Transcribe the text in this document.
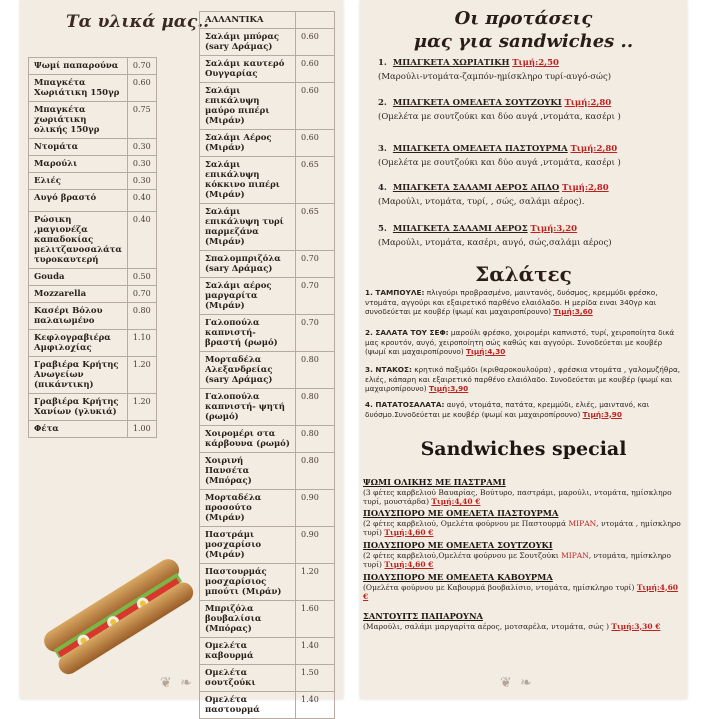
Τα υλικά μας..
Ψωμί παπαρούνα	0.70
Μπαγκέτα Χωριάτικη 150γρ	0.60
Μπαγκέτα χωριάτικη ολικής 150γρ	0.75
Ντομάτα	0.30
Μαρούλι	0.30
Ελιές	0.30
Αυγό βραστό	0.40
Ρώσικη ,μαγιονέζα καπαδοκίας μελιτζανοσαλάτα τυροκαυτερή	0.40
Gouda	0.50
Mozzarella	0.70
Κασέρι Βόλου παλαιωμένο	0.80
Κεφλογραβιέρα Αμφιλοχίας	1.10
Γραβιέρα Κρήτης Ανωγείων (πικάντικη)	1.20
Γραβιέρα Κρήτης Χανίων (γλυκιά)	1.20
Φέτα	1.00
ΑΛΛΑΝΤΙΚΑ	
Σαλάμι μπύρας (sary Δράμας)	0.60
Σαλάμι καυτερό Ουγγαρίας	0.60
Σαλάμι επικάλυψη μαύρο πιπέρι (Μιράν)	0.60
Σαλάμι Αέρος (Μιράν)	0.60
Σαλάμι επικάλυψη κόκκινο πιπέρι (Μιράν)	0.65
Σαλάμι επικάλυψη τυρί παρμεζάνα (Μιράν)	0.65
Σπαλομπριζόλα (sary Δράμας)	0.70
Σαλάμι αέρος μαργαρίτα (Μιράν)	0.70
Γαλοπούλα καπνιστή-βραστή (ρωμό)	0.70
Μορταδέλα Αλεξανδρείας (sary Δράμας)	0.80
Γαλοπούλα καπνιστή- ψητή (ρωμό)	0.80
Χοιρομέρι στα κάρβουνα (ρωμό)	0.80
Χοιρινή Πανσέτα (Μπόρας)	0.80
Μορταδέλα προσούτο (Μιράν)	0.90
Παστράμι μοσχαρίσιο (Μιράν)	0.90
Παστουρμάς μοσχαρίσιος μπούτι (Μιράν)	1.20
Μπριζόλα βουβαλίσια (Μπόρας)	1.60
Ομελέτα καβουρμά	1.40
Ομελέτα σουτζούκι	1.50
Ομελέτα παστουρμά	1.40
❦ ❧
Οι προτάσεις
μας για sandwiches ..
1. ΜΠΑΓΚΕΤΑ ΧΩΡΙΑΤΙΚΗ Τιμή:2,50
(Μαρούλι-ντομάτα-ζαμπόν-ημίσκληρο τυρί-αυγό-σώς)
2. ΜΠΑΓΚΕΤΑ ΟΜΕΛΕΤΑ ΣΟΥΤΖΟΥΚΙ Τιμή:2,80
(Ομελέτα με σουτζούκι και δύο αυγά ,ντομάτα, κασέρι )
3. ΜΠΑΓΚΕΤΑ ΟΜΕΛΕΤΑ ΠΑΣΤΟΥΡΜΑ Τιμή:2,80
(Ομελέτα με σουτζούκι και δύο αυγά ,ντομάτα, κασέρι )
4. ΜΠΑΓΚΕΤΑ ΣΑΛΑΜΙ ΑΕΡΟΣ ΑΠΛΟ Τιμή:2,80
(Μαρούλι, ντομάτα, τυρί, , σώς, σαλάμι αέρος).
5. ΜΠΑΓΚΕΤΑ ΣΑΛΑΜΙ ΑΕΡΟΣ Τιμή:3,20
(Μαρούλι, ντομάτα, κασέρι, αυγό, σώς,σαλάμι αέρος)
Σαλάτες
1. ΤΑΜΠΟΥΛΕ: πλιγούρι προβρασμένο, μαιντανός, δυόσμος, κρεμμύδι φρέσκο, ντομάτα, αγγούρι και εξαιρετικό παρθένο ελαιόλαδο. Η μερίδα ειναι 340γρ και συνοδεύεται με κουβέρ (ψωμί και μαχαιροπίρουνο) Τιμή:3,60
2. ΣΑΛΑΤΑ ΤΟΥ ΣΕΦ: μαρούλι φρέσκο, χοιρομέρι καπνιστό, τυρί, χειροποίητα δικά μας κρουτόν, αυγό, χειροποίητη σώς καθώς και αγγούρι. Συνοδεύεται με κουβέρ (ψωμί και μαχαιροπίρουνο) Τιμή:4,30
3. ΝΤΑΚΟΣ: κρητικό παξιμάδι (κριθαροκουλούρα) , φρέσκια ντομάτα , γαλομυζήθρα, ελιές, κάπαρη και εξαιρετικό παρθένο ελαιόλαδο. Συνοδεύεται με κουβέρ (ψωμί και μαχαιροπίρουνο) Τιμή:3,90
4. ΠΑΤΑΤΟΣΑΛΑΤΑ: αυγό, ντομάτα, πατάτα, κρεμμύδι, ελιές, μαιντανό, και δυόσμο.Συνοδεύεται με κουβέρ (ψωμί και μαχαιροπίρουνο) Τιμή:3,90
Sandwiches special
ΨΩΜΙ ΟΛΙΚΗΣ ΜΕ ΠΑΣΤΡΑΜΙ
(3 φέτες καρβελιού Βαυαρίας, Βούτυρο, παστράμι, μαρούλι, ντομάτα, ημίσκληρο τυρί, μουστάρδα) Τιμή:4,40 €
ΠΟΛΥΣΠΟΡΟ ΜΕ ΟΜΕΛΕΤΑ ΠΑΣΤΟΥΡΜΑ
(2 φέτες καρβελιού, Ομελέτα φούρνου με Παστουρμά ΜΙΡΑΝ, ντομάτα , ημίσκληρο τυρί) Τιμή:4,60 €
ΠΟΛΥΣΠΟΡΟ ΜΕ ΟΜΕΛΕΤΑ ΣΟΥΤΖΟΥΚΙ
(2 φέτες καρβελιού,Ομελέτα φούρνου με Σουτζούκι ΜΙΡΑΝ, ντομάτα, ημίσκληρο τυρί) Τιμή:4,60 €
ΠΟΛΥΣΠΟΡΟ ΜΕ ΟΜΕΛΕΤΑ ΚΑΒΟΥΡΜΑ
(Ομελέτα φούρνου με Καβουρμά βουβαλίσιο, ντομάτα, ημίσκληρο τυρί) Τιμή:4,60 €
ΣΑΝΤΟΥΙΤΣ ΠΑΠΑΡΟΥΝΑ
(Μαρούλι, σαλάμι μαργαρίτα αέρος, μοτσαρέλα, ντομάτα, σώς ) Τιμή:3,30 €
❦ ❧
